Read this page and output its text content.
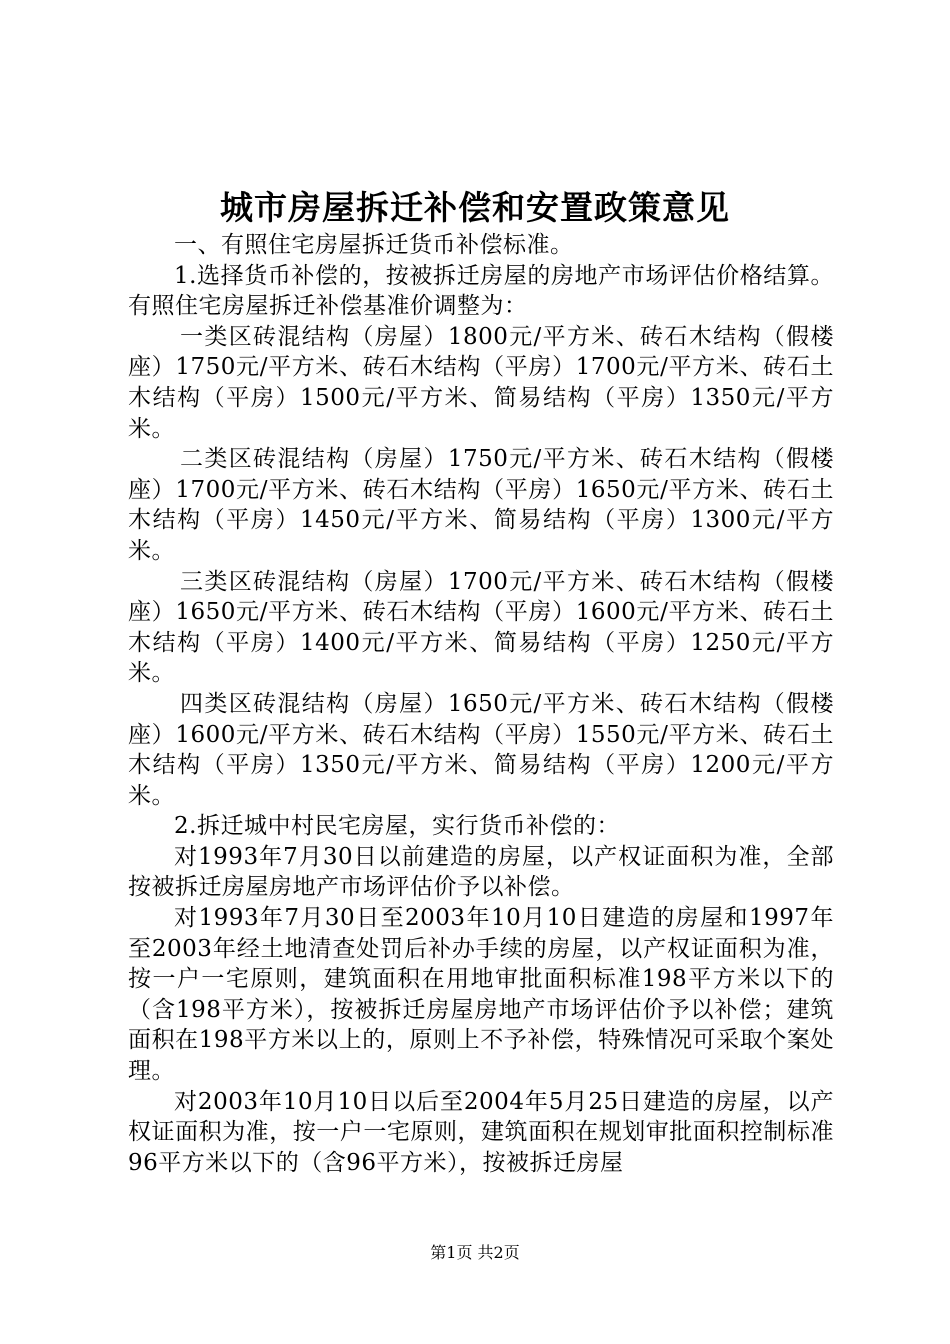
城市房屋拆迁补偿和安置政策意见

一、有照住宅房屋拆迁货币补偿标准。

1.选择货币补偿的，按被拆迁房屋的房地产市场评估价格结算。有照住宅房屋拆迁补偿基准价调整为：

一类区砖混结构（房屋）1800元/平方米、砖石木结构（假楼座）1750元/平方米、砖石木结构（平房）1700元/平方米、砖石土木结构（平房）1500元/平方米、简易结构（平房）1350元/平方米。

二类区砖混结构（房屋）1750元/平方米、砖石木结构（假楼座）1700元/平方米、砖石木结构（平房）1650元/平方米、砖石土木结构（平房）1450元/平方米、简易结构（平房）1300元/平方米。

三类区砖混结构（房屋）1700元/平方米、砖石木结构（假楼座）1650元/平方米、砖石木结构（平房）1600元/平方米、砖石土木结构（平房）1400元/平方米、简易结构（平房）1250元/平方米。

四类区砖混结构（房屋）1650元/平方米、砖石木结构（假楼座）1600元/平方米、砖石木结构（平房）1550元/平方米、砖石土木结构（平房）1350元/平方米、简易结构（平房）1200元/平方米。

2.拆迁城中村民宅房屋，实行货币补偿的：

对1993年7月30日以前建造的房屋，以产权证面积为准，全部按被拆迁房屋房地产市场评估价予以补偿。

对1993年7月30日至2003年10月10日建造的房屋和1997年至2003年经土地清查处罚后补办手续的房屋，以产权证面积为准，按一户一宅原则，建筑面积在用地审批面积标准198平方米以下的（含198平方米），按被拆迁房屋房地产市场评估价予以补偿；建筑面积在198平方米以上的，原则上不予补偿，特殊情况可采取个案处理。

对2003年10月10日以后至2004年5月25日建造的房屋，以产权证面积为准，按一户一宅原则，建筑面积在规划审批面积控制标准96平方米以下的（含96平方米），按被拆迁房屋

第1页 共2页
